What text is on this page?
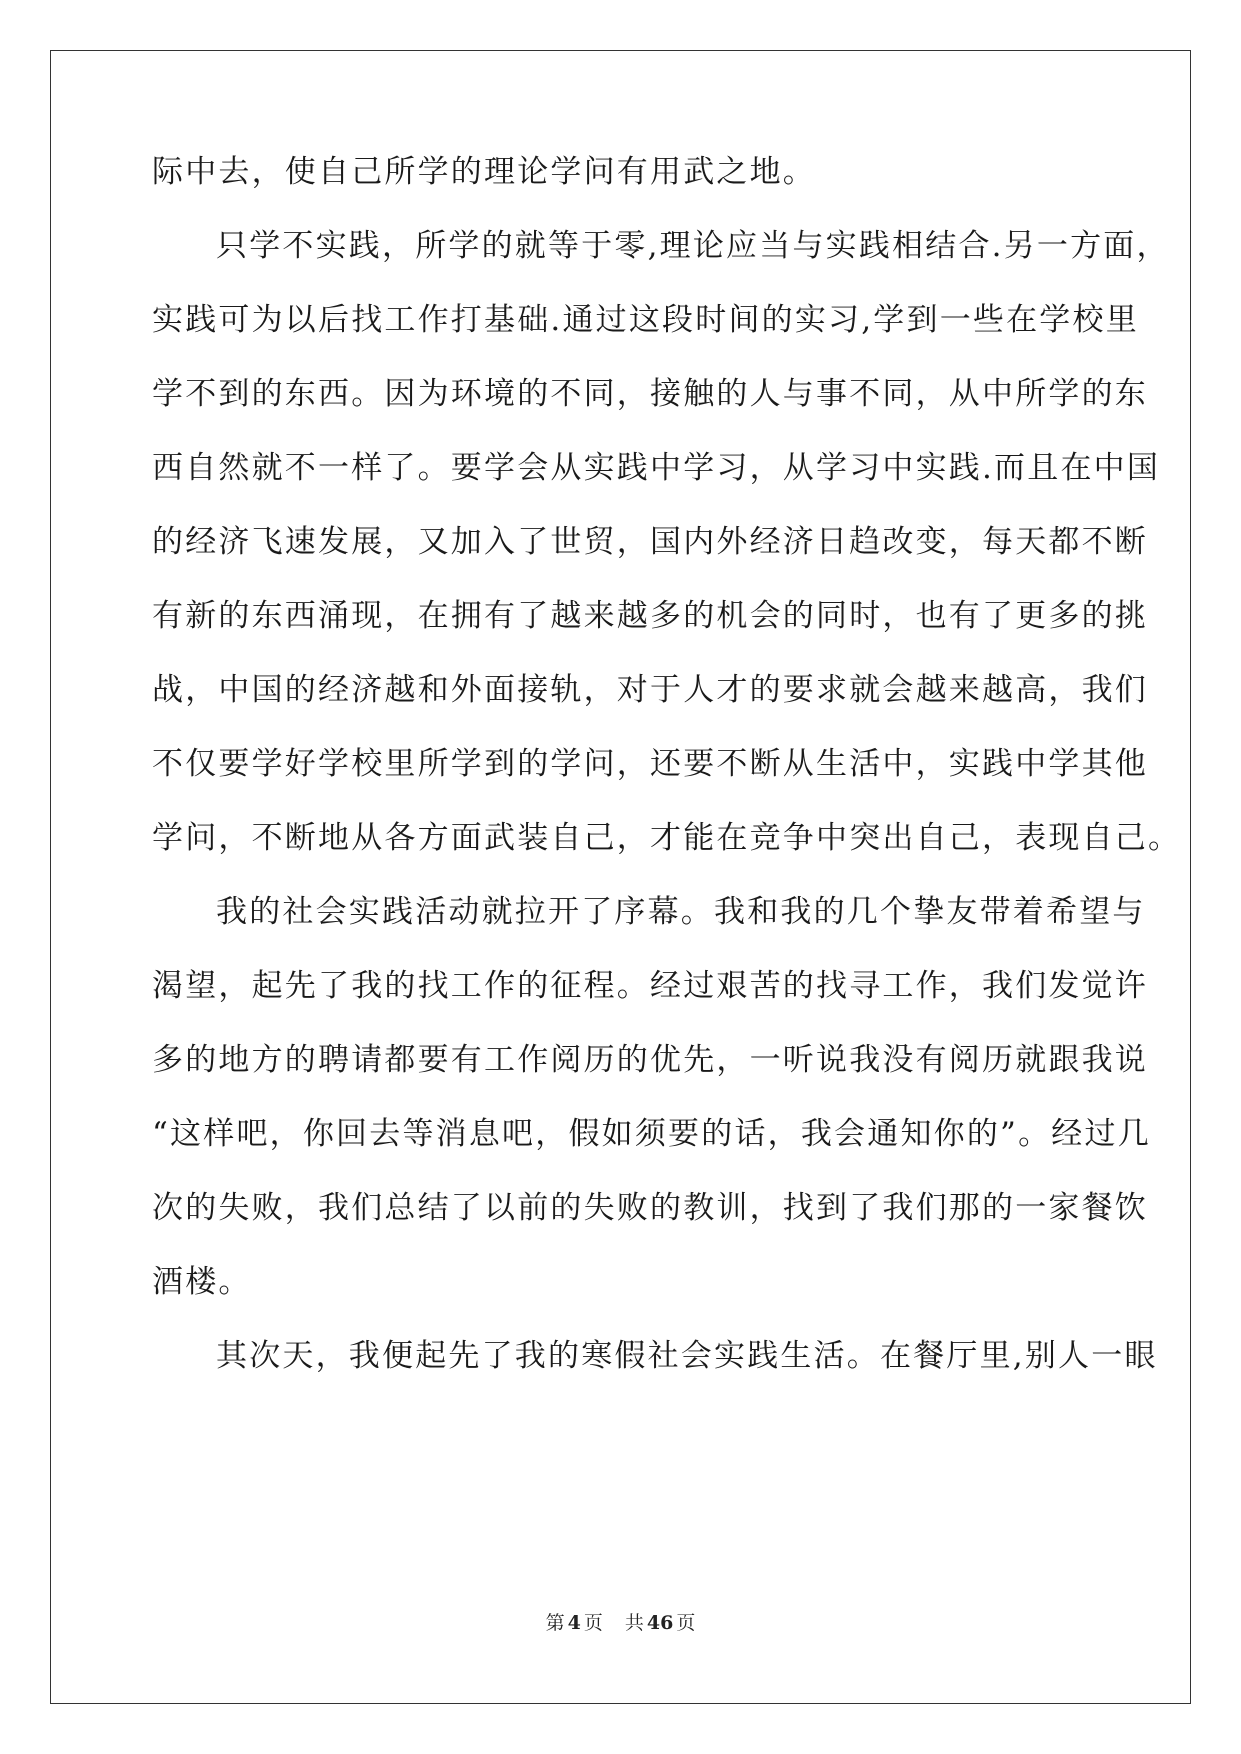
际中去，使自己所学的理论学问有用武之地。
只学不实践，所学的就等于零,理论应当与实践相结合.另一方面，
实践可为以后找工作打基础.通过这段时间的实习,学到一些在学校里
学不到的东西。因为环境的不同，接触的人与事不同，从中所学的东
西自然就不一样了。要学会从实践中学习，从学习中实践.而且在中国
的经济飞速发展，又加入了世贸，国内外经济日趋改变，每天都不断
有新的东西涌现，在拥有了越来越多的机会的同时，也有了更多的挑
战，中国的经济越和外面接轨，对于人才的要求就会越来越高，我们
不仅要学好学校里所学到的学问，还要不断从生活中，实践中学其他
学问，不断地从各方面武装自己，才能在竞争中突出自己，表现自己。
我的社会实践活动就拉开了序幕。我和我的几个挚友带着希望与
渴望，起先了我的找工作的征程。经过艰苦的找寻工作，我们发觉许
多的地方的聘请都要有工作阅历的优先，一听说我没有阅历就跟我说
“这样吧，你回去等消息吧，假如须要的话，我会通知你的”。经过几
次的失败，我们总结了以前的失败的教训，找到了我们那的一家餐饮
酒楼。
其次天，我便起先了我的寒假社会实践生活。在餐厅里,别人一眼
第 4 页 共 46 页
